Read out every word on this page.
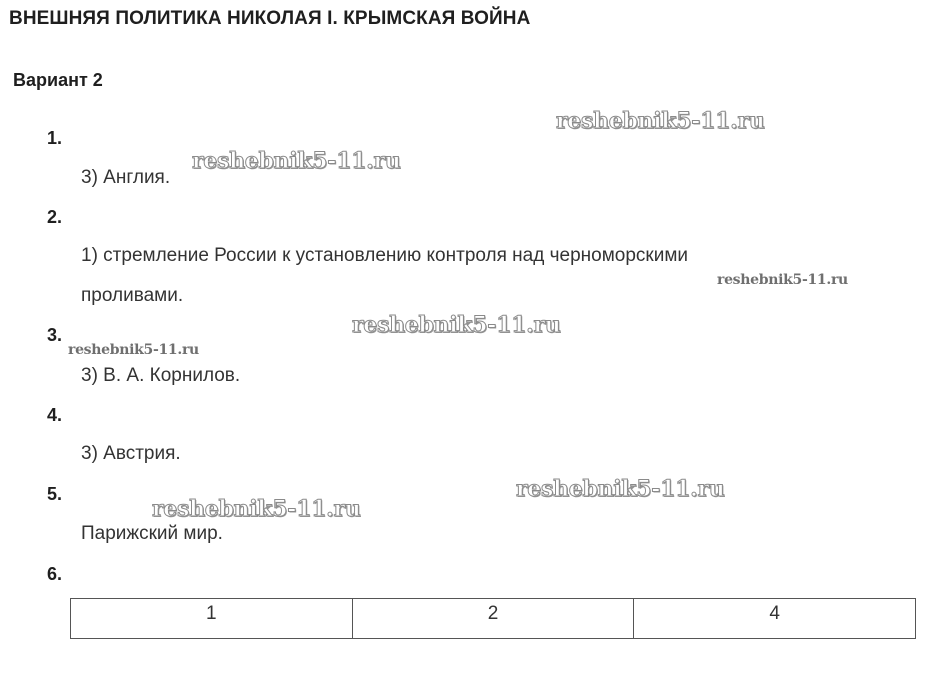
ВНЕШНЯЯ ПОЛИТИКА НИКОЛАЯ I. КРЫМСКАЯ ВОЙНА
Вариант 2
1.
3) Англия.
2.
1) стремление России к установлению контроля над черноморскими
проливами.
3.
3) В. А. Корнилов.
4.
3) Австрия.
5.
Парижский мир.
6.
1	2	4
reshebnik5-11.ru
reshebnik5-11.ru
reshebnik5-11.ru
reshebnik5-11.ru
reshebnik5-11.ru
reshebnik5-11.ru
reshebnik5-11.ru
